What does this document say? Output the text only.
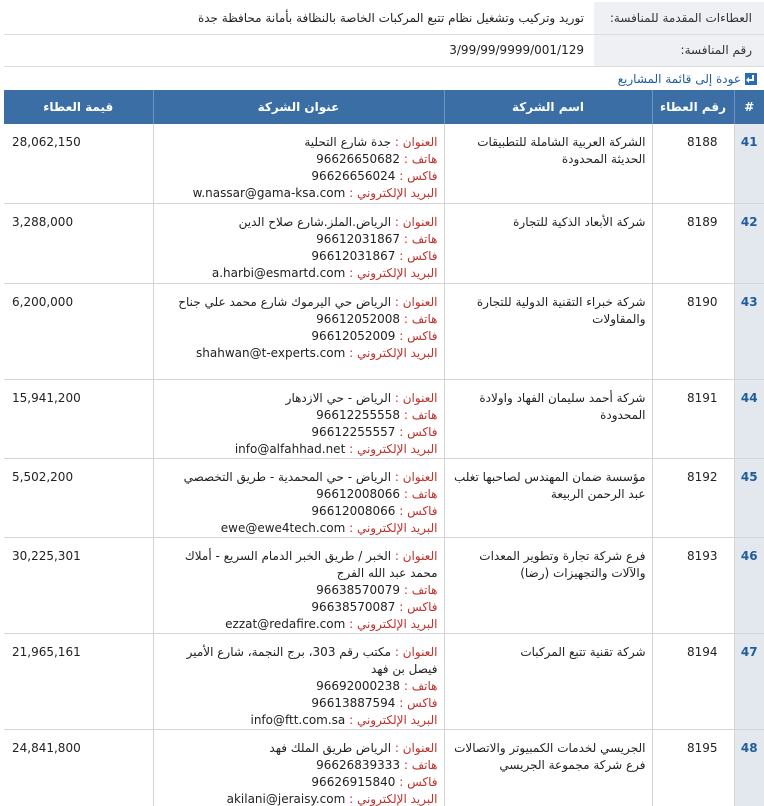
العطاءات المقدمة للمنافسة:	توريد وتركيب وتشغيل نظام تتبع المركبات الخاصة بالنظافة بأمانة محافظة جدة
رقم المنافسة:	3/99/99/9999/001/129
عودة إلى قائمة المشاريع
#	رقم العطاء	اسم الشركة	عنوان الشركة	قيمة العطاء
41	8188	الشركة العربية الشاملة للتطبيقات الحديثة المحدودة	العنوان : جدة شارع التحلية
هاتف : 96626650682
فاكس : 96626656024
البريد الإلكتروني : w.nassar@gama-ksa.com	28,062,150
42	8189	شركة الأبعاد الذكية للتجارة	العنوان : الرياض.الملز.شارع صلاح الدين
هاتف : 96612031867
فاكس : 96612031867
البريد الإلكتروني : a.harbi@esmartd.com	3,288,000
43	8190	شركة خبراء التقنية الدولية للتجارة والمقاولات	العنوان : الرياض حي اليرموك شارع محمد علي جناح
هاتف : 96612052008
فاكس : 96612052009
البريد الإلكتروني : shahwan@t-experts.com	6,200,000
44	8191	شركة أحمد سليمان الفهاد واولادة المحدودة	العنوان : الرياض - حي الازدهار
هاتف : 96612255558
فاكس : 96612255557
البريد الإلكتروني : info@alfahhad.net	15,941,200
45	8192	مؤسسة ضمان المهندس لصاحبها تغلب عبد الرحمن الربيعة	العنوان : الرياض - حي المحمدية - طريق التخصصي
هاتف : 96612008066
فاكس : 96612008066
البريد الإلكتروني : ewe@ewe4tech.com	5,502,200
46	8193	فرع شركة تجارة وتطوير المعدات والآلات والتجهيزات (رضا)	العنوان : الخبر / طريق الخبر الدمام السريع - أملاك محمد عبد الله الفرج
هاتف : 96638570079
فاكس : 96638570087
البريد الإلكتروني : ezzat@redafire.com	30,225,301
47	8194	شركة تقنية تتبع المركبات	العنوان : مكتب رقم 303، برج النجمة، شارع الأمير فيصل بن فهد
هاتف : 96692000238
فاكس : 96613887594
البريد الإلكتروني : info@ftt.com.sa	21,965,161
48	8195	الجريسي لخدمات الكمبيوتر والاتصالات فرع شركة مجموعة الجريسي	العنوان : الرياض طريق الملك فهد
هاتف : 96626839333
فاكس : 96626915840
البريد الإلكتروني : akilani@jeraisy.com	24,841,800
